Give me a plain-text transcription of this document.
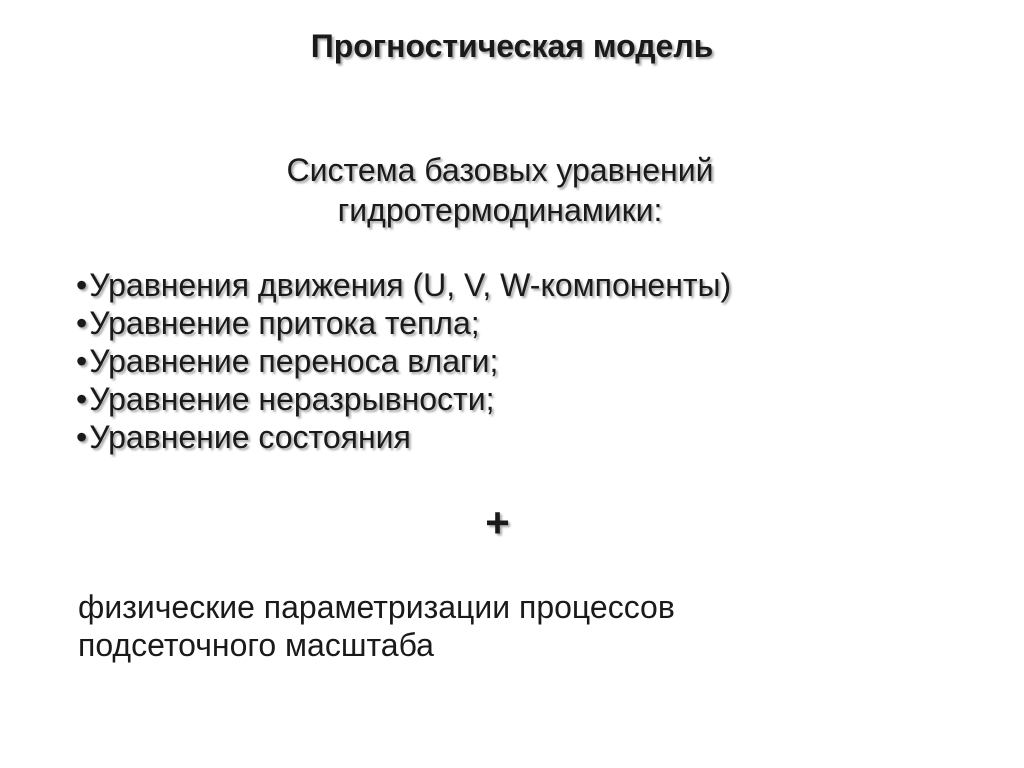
Прогностическая модель
Система базовых уравнений
гидротермодинамики:
•Уравнения движения (U, V, W-компоненты)
•Уравнение притока тепла;
•Уравнение переноса влаги;
•Уравнение неразрывности;
•Уравнение состояния
+
физические параметризации процессов
подсеточного масштаба
